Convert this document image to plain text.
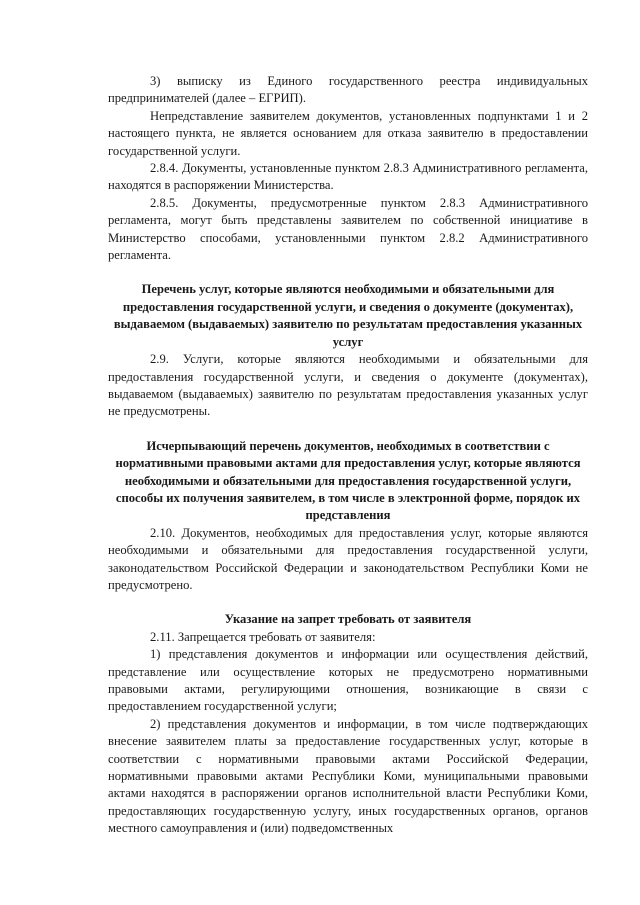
3) выписку из Единого государственного реестра индивидуальных предпринимателей (далее – ЕГРИП).

Непредставление заявителем документов, установленных подпунктами 1 и 2 настоящего пункта, не является основанием для отказа заявителю в предоставлении государственной услуги.

2.8.4. Документы, установленные пунктом 2.8.3 Административного регламента, находятся в распоряжении Министерства.

2.8.5. Документы, предусмотренные пунктом 2.8.3 Административного регламента, могут быть представлены заявителем по собственной инициативе в Министерство способами, установленными пунктом 2.8.2 Административного регламента.

Перечень услуг, которые являются необходимыми и обязательными для предоставления государственной услуги, и сведения о документе (документах), выдаваемом (выдаваемых) заявителю по результатам предоставления указанных услуг

2.9. Услуги, которые являются необходимыми и обязательными для предоставления государственной услуги, и сведения о документе (документах), выдаваемом (выдаваемых) заявителю по результатам предоставления указанных услуг не предусмотрены.

Исчерпывающий перечень документов, необходимых в соответствии с нормативными правовыми актами для предоставления услуг, которые являются необходимыми и обязательными для предоставления государственной услуги, способы их получения заявителем, в том числе в электронной форме, порядок их представления

2.10. Документов, необходимых для предоставления услуг, которые являются необходимыми и обязательными для предоставления государственной услуги, законодательством Российской Федерации и законодательством Республики Коми не предусмотрено.

Указание на запрет требовать от заявителя

2.11. Запрещается требовать от заявителя:

1) представления документов и информации или осуществления действий, представление или осуществление которых не предусмотрено нормативными правовыми актами, регулирующими отношения, возникающие в связи с предоставлением государственной услуги;

2) представления документов и информации, в том числе подтверждающих внесение заявителем платы за предоставление государственных услуг, которые в соответствии с нормативными правовыми актами Российской Федерации, нормативными правовыми актами Республики Коми, муниципальными правовыми актами находятся в распоряжении органов исполнительной власти Республики Коми, предоставляющих государственную услугу, иных государственных органов, органов местного самоуправления и (или) подведомственных
